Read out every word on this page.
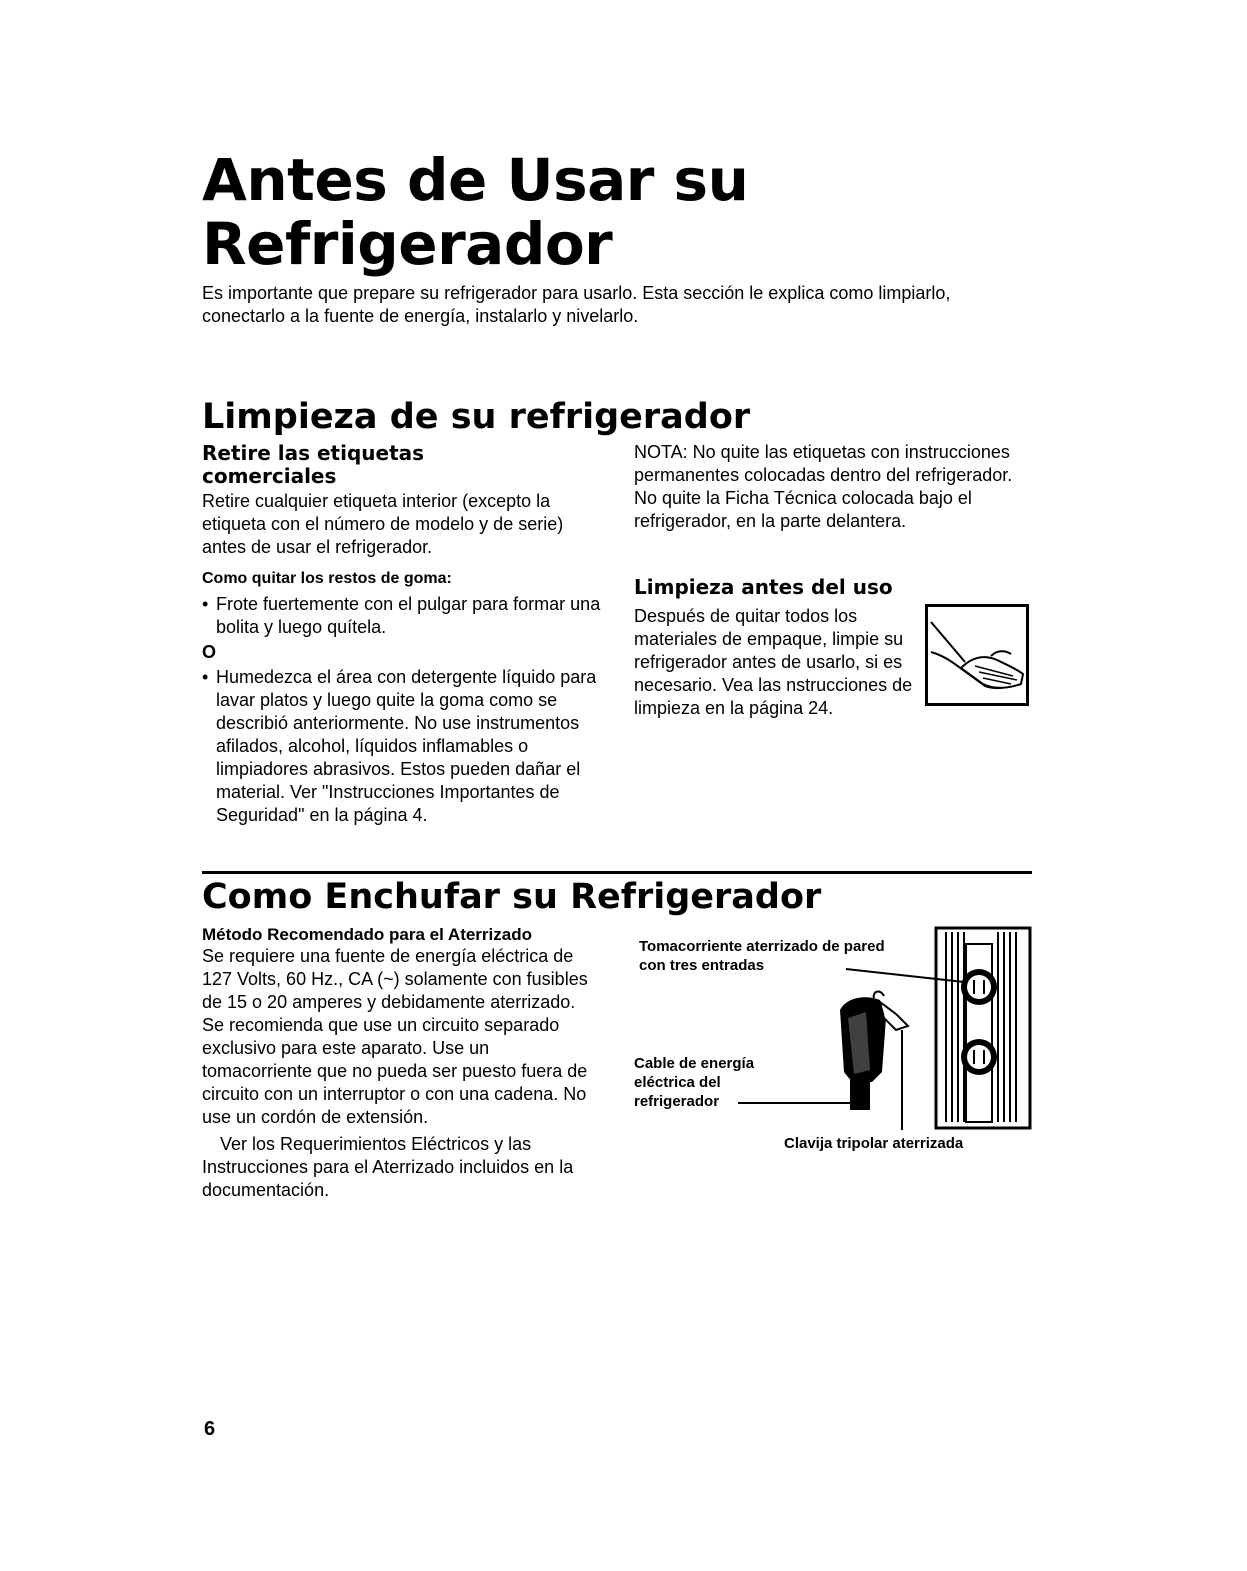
Antes de Usar su
Refrigerador

Es importante que prepare su refrigerador para usarlo. Esta sección le explica como limpiarlo, conectarlo a la fuente de energía, instalarlo y nivelarlo.

Limpieza de su refrigerador

Retire las etiquetas comerciales

Retire cualquier etiqueta interior (excepto la etiqueta con el número de modelo y de serie) antes de usar el refrigerador.

Como quitar los restos de goma:

• Frote fuertemente con el pulgar para formar una bolita y luego quítela.

O

• Humedezca el área con detergente líquido para lavar platos y luego quite la goma como se describió anteriormente. No use instrumentos afilados, alcohol, líquidos inflamables o limpiadores abrasivos. Estos pueden dañar el material. Ver "Instrucciones Importantes de Seguridad" en la página 4.

NOTA: No quite las etiquetas con instrucciones permanentes colocadas dentro del refrigerador. No quite la Ficha Técnica colocada bajo el refrigerador, en la parte delantera.

Limpieza antes del uso

Después de quitar todos los materiales de empaque, limpie su refrigerador antes de usarlo, si es necesario. Vea las nstrucciones de limpieza en la página 24.

Como Enchufar su Refrigerador

Método Recomendado para el Aterrizado

Se requiere una fuente de energía eléctrica de 127 Volts, 60 Hz., CA (~) solamente con fusibles de 15 o 20 amperes y debidamente aterrizado. Se recomienda que use un circuito separado exclusivo para este aparato. Use un tomacorriente que no pueda ser puesto fuera de circuito con un interruptor o con una cadena. No use un cordón de extensión.

Ver los Requerimientos Eléctricos y las Instrucciones para el Aterrizado incluidos en la documentación.

Tomacorriente aterrizado de pared con tres entradas

Cable de energía eléctrica del refrigerador

Clavija tripolar aterrizada

6
